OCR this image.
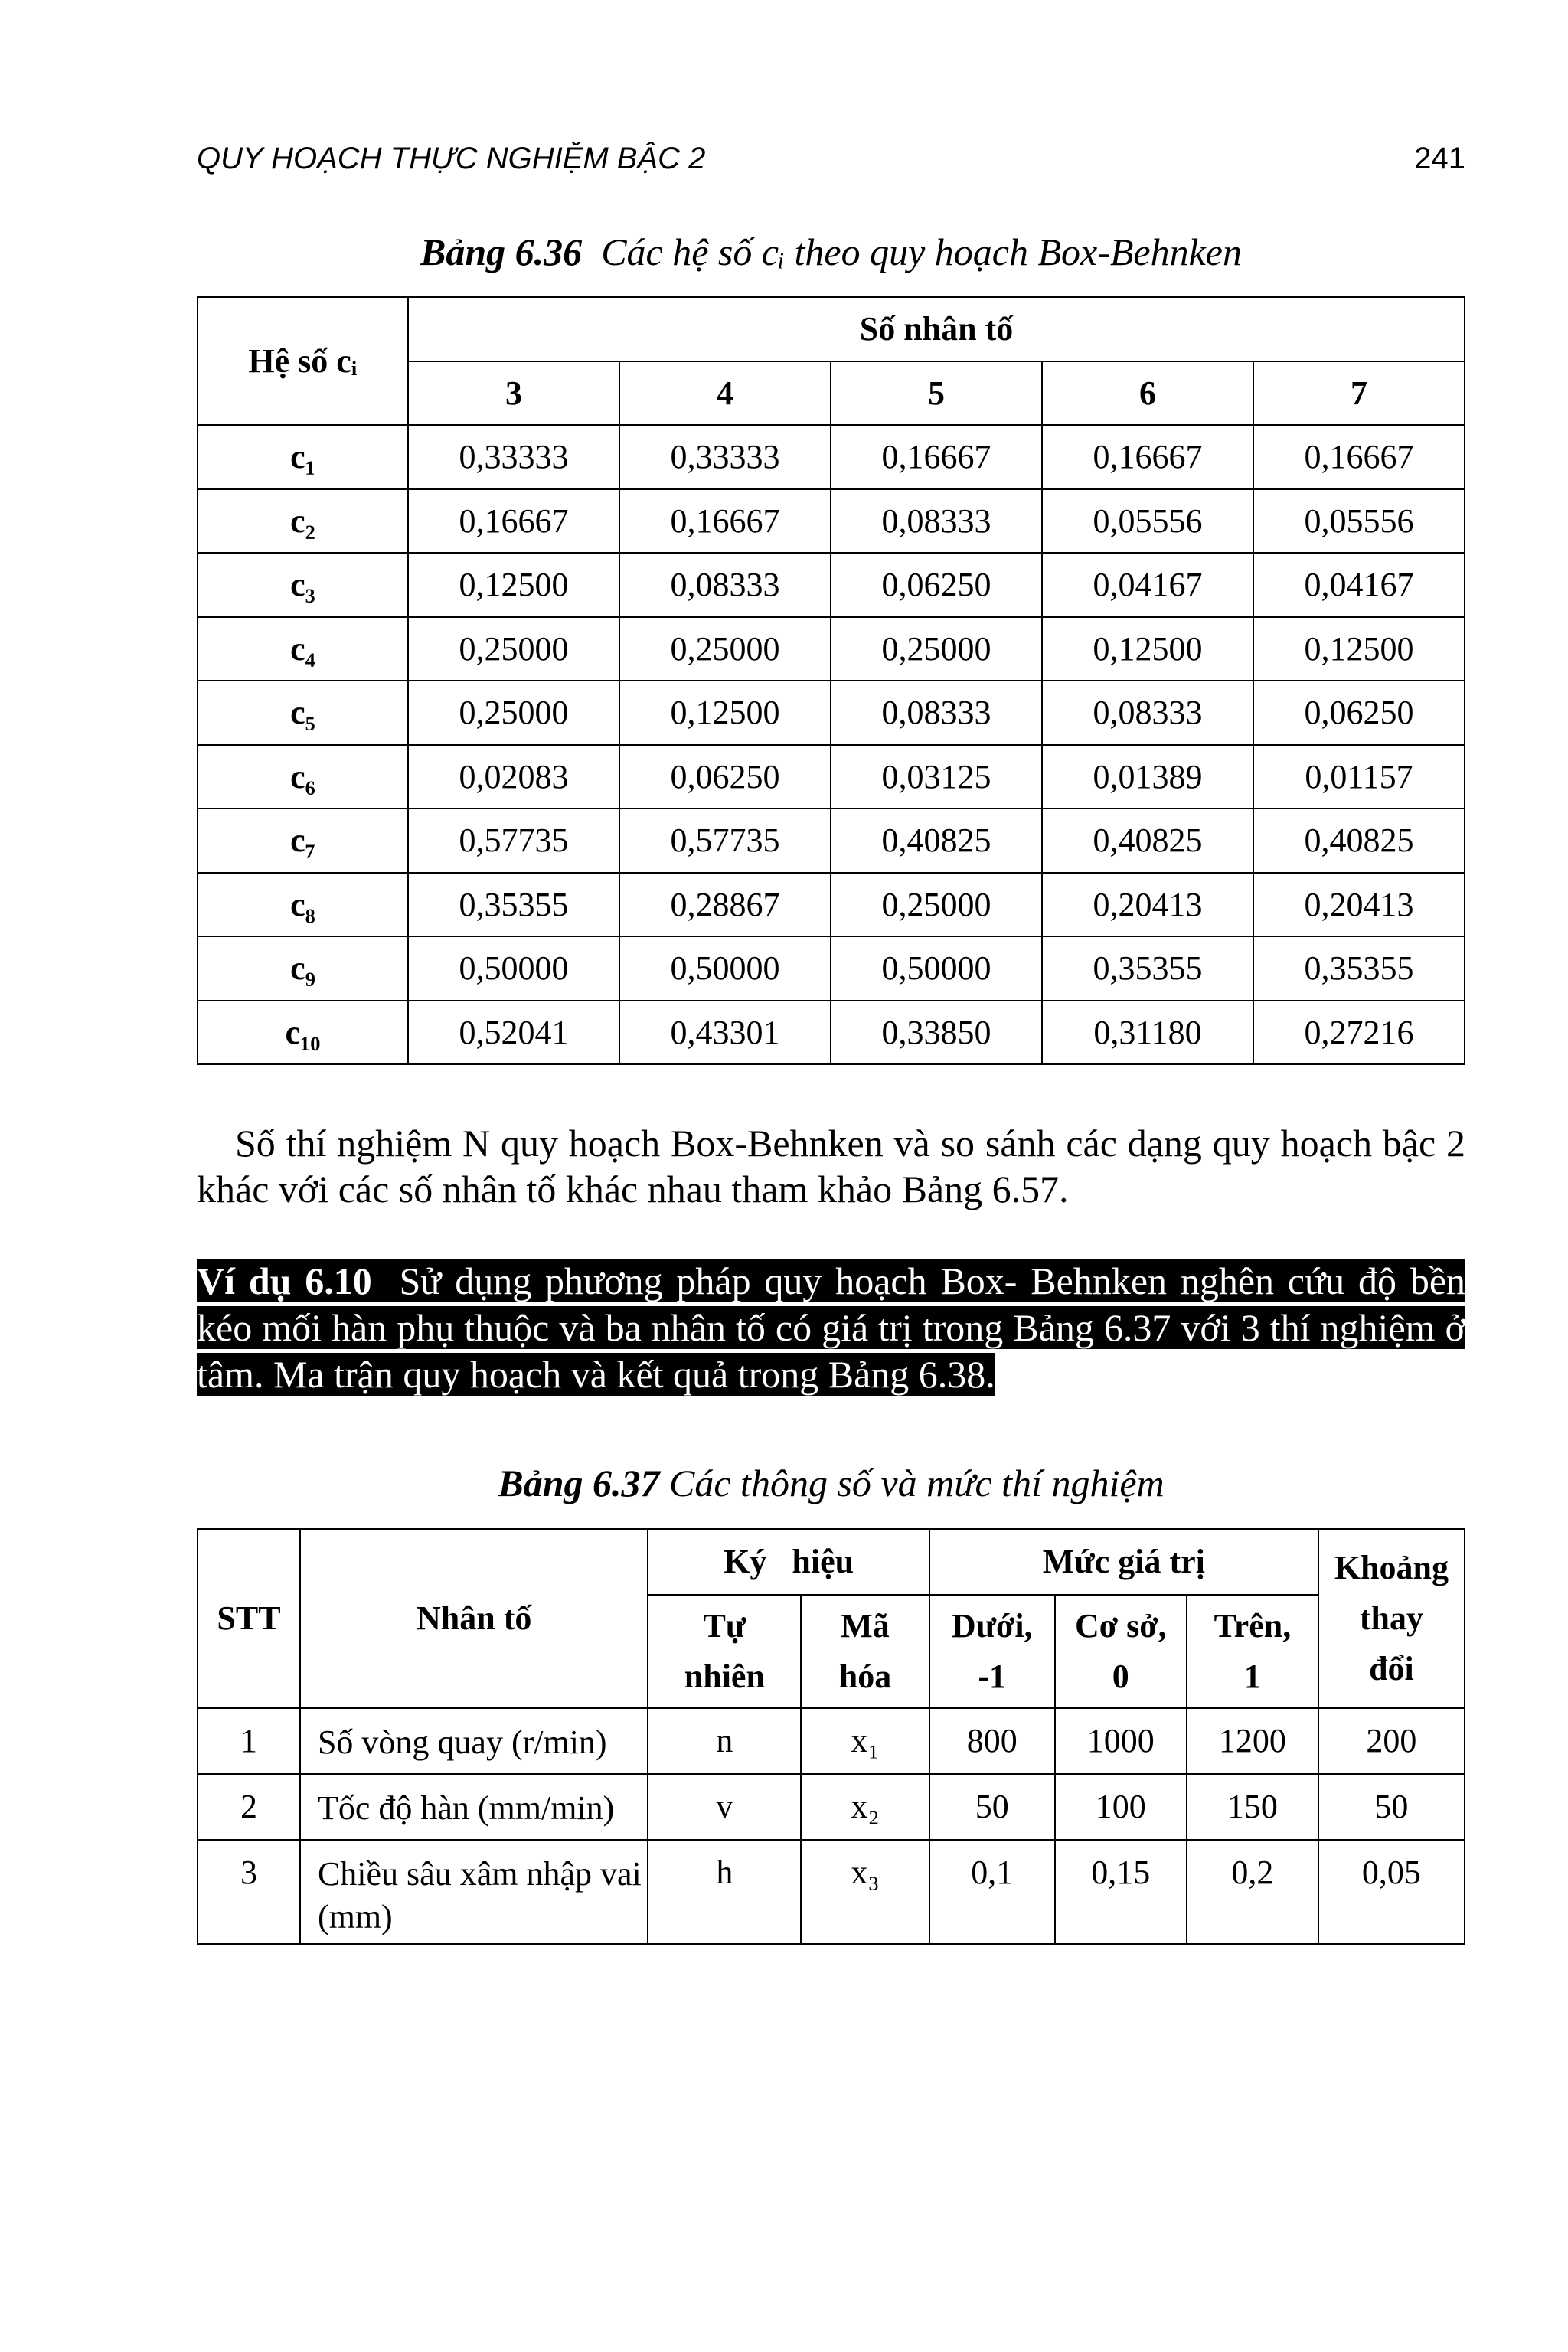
QUY HOẠCH THỰC NGHIỆM BẬC 2	241
Bảng 6.36 Các hệ số cᵢ theo quy hoạch Box-Behnken
Hệ số cᵢ	Số nhân tố				
	3	4	5	6	7
c₁	0,33333	0,33333	0,16667	0,16667	0,16667
c₂	0,16667	0,16667	0,08333	0,05556	0,05556
c₃	0,12500	0,08333	0,06250	0,04167	0,04167
c₄	0,25000	0,25000	0,25000	0,12500	0,12500
c₅	0,25000	0,12500	0,08333	0,08333	0,06250
c₆	0,02083	0,06250	0,03125	0,01389	0,01157
c₇	0,57735	0,57735	0,40825	0,40825	0,40825
c₈	0,35355	0,28867	0,25000	0,20413	0,20413
c₉	0,50000	0,50000	0,50000	0,35355	0,35355
c₁₀	0,52041	0,43301	0,33850	0,31180	0,27216
Số thí nghiệm N quy hoạch Box-Behnken và so sánh các dạng quy hoạch bậc 2 khác với các số nhân tố khác nhau tham khảo Bảng 6.57.
Ví dụ 6.10 Sử dụng phương pháp quy hoạch Box- Behnken nghên cứu độ bền kéo mối hàn phụ thuộc và ba nhân tố có giá trị trong Bảng 6.37 với 3 thí nghiệm ở tâm. Ma trận quy hoạch và kết quả trong Bảng 6.38.
Bảng 6.37 Các thông số và mức thí nghiệm
STT	Nhân tố	Ký   hiệu		Mức giá trị			Khoảng thay đổi
		Tự nhiên	Mã hóa	Dưới, -1	Cơ sở, 0	Trên, 1	
1	Số vòng quay (r/min)	n	x₁	800	1000	1200	200
2	Tốc độ hàn (mm/min)	v	x₂	50	100	150	50
3	Chiều sâu xâm nhập vai (mm)	h	x₃	0,1	0,15	0,2	0,05
